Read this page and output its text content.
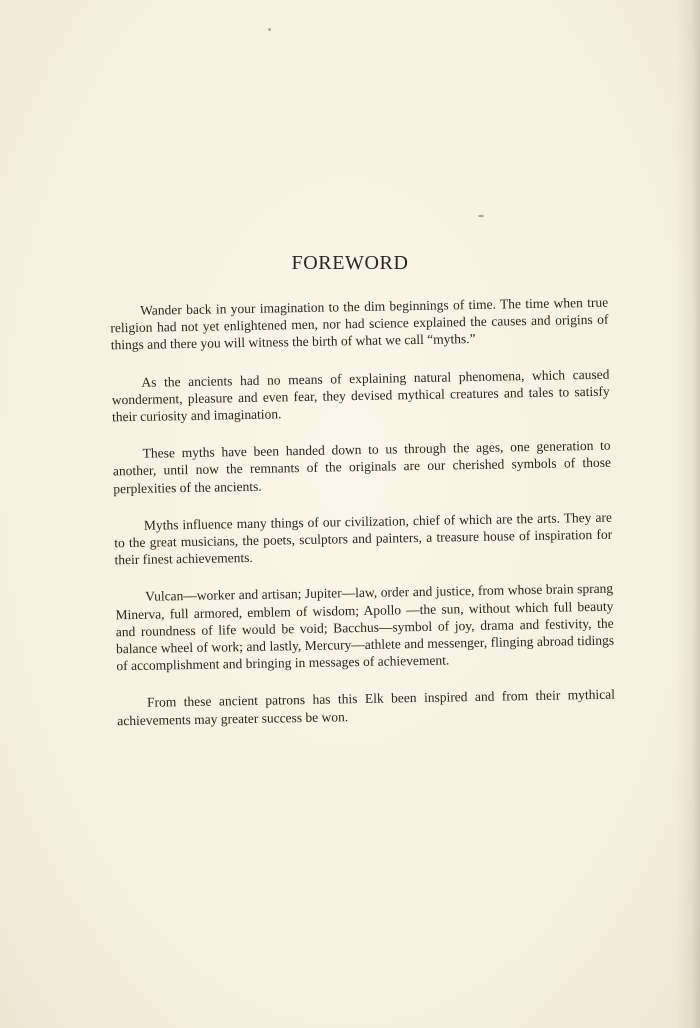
FOREWORD

Wander back in your imagination to the dim beginnings of time. The time when true religion had not yet enlightened men, nor had science explained the causes and origins of things and there you will witness the birth of what we call “myths.”

As the ancients had no means of explaining natural phenomena, which caused wonderment, pleasure and even fear, they devised mythical creatures and tales to satisfy their curiosity and imagination.

These myths have been handed down to us through the ages, one generation to another, until now the remnants of the originals are our cherished symbols of those perplexities of the ancients.

Myths influence many things of our civilization, chief of which are the arts. They are to the great musicians, the poets, sculptors and painters, a treasure house of inspiration for their finest achievements.

Vulcan—worker and artisan; Jupiter—law, order and justice, from whose brain sprang Minerva, full armored, emblem of wisdom; Apollo —the sun, without which full beauty and roundness of life would be void; Bacchus—symbol of joy, drama and festivity, the balance wheel of work; and lastly, Mercury—athlete and messenger, flinging abroad tidings of accomplishment and bringing in messages of achievement.

From these ancient patrons has this Elk been inspired and from their mythical achievements may greater success be won.
